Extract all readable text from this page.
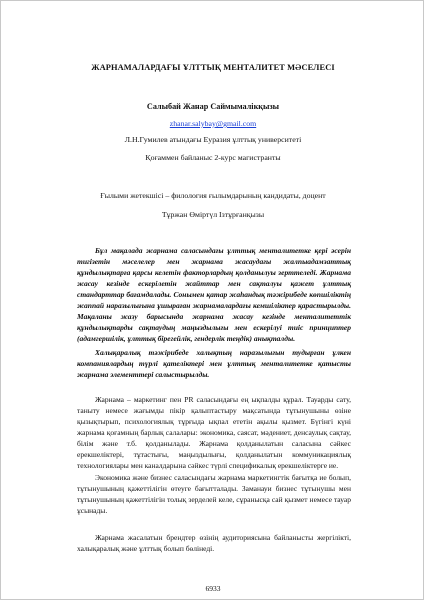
ЖАРНАМАЛАРДАҒЫ ҰЛТТЫҚ МЕНТАЛИТЕТ МӘСЕЛЕСІ
Салыбай Жанар Саймымалікқызы
zhanar.salybay@gmail.com
Л.Н.Гумилев атындағы Еуразия ұлттық университеті
Қоғаммен байланыс 2-курс магистранты
Ғылыми жетекшісі – филология ғылымдарының кандидаты, доцент
Тұржан Өміртүл Ізтұрғанқызы

Бұл мақалада жарнама саласындағы ұлттық менталитетке қері әсерін тигізетін мәселелер мен жарнама жасаудағы жалпыадамзаттық құндылықтарға қарсы келетін факторлардың қолданылуы зерттеледі. Жарнама жасау кезінде ескерілетін жайттар мен сақталуы қажет ұлттық стандарттар бағамдалады. Сонымен қатар жаһандық тәжірибеде көпшіліктің жаппай наразылығына ұшыраған жарнамалардағы кемшіліктер қарастырылды. Мақаланы жазу барысында жарнама жасау кезінде менталитеттік құндылықтарды сақтаудың маңыздылығы мен ескерілуі тиіс принциптер (адамгершілік, ұлттық бірегейлік, гендерлік теңдік) анықталды.

Халықаралық тәжірибеде халықтың наразылығын тудырған ұлкен компаниялардың түрлі қателіктері мен ұлттық менталитетке қатысты жарнама элементтері салыстырылды.

Жарнама – маркетинг пен PR саласындағы ең ықпалды құрал. Тауарды сату, таныту немесе жағымды пікір қалыптастыру мақсатында тұтынушыны өзіне қызықтырып, психологиялық тұрғыда ықпал ететін ақылы қызмет. Бүгінгі күні жарнама қоғамның барлық салалары: экономика, саясат, мәдениет, денсаулық сақтау, білім және т.б. қолданылады. Жарнама қолданылатын саласына сәйкес ерекшеліктері, тұтастығы, маңыздылығы, қолданылатын коммуникациялық технологиялары мен каналдарына сәйкес түрлі спецификалық ерекшеліктерге ие.

Экономика және бизнес саласындағы жарнама маркетингтік бағытқа ие болып, тұтынушының қажеттілігін өтеуге бағытталады. Заманауи бизнес тұтынушы мен тұтынушының қажеттілігін толық зерделей келе, сұранысқа сай қызмет немесе тауар ұсынады.

Жарнама жасалатын брендтер өзінің аудиториясына байланысты жергілікті, халықаралық және ұлттық болып бөлінеді.

6933
